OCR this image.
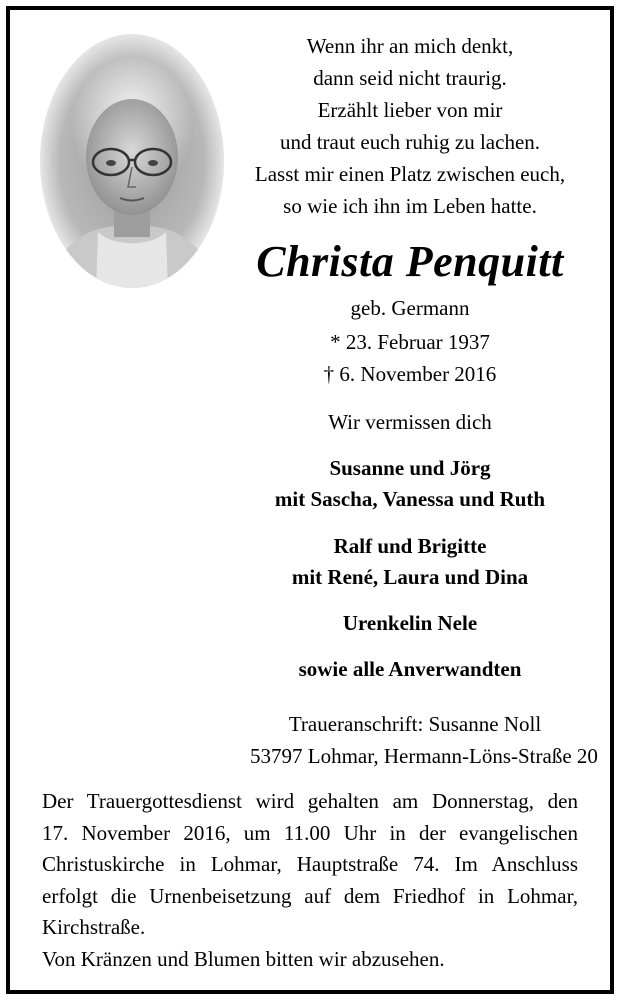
Wenn ihr an mich denkt,
dann seid nicht traurig.
Erzählt lieber von mir
und traut euch ruhig zu lachen.
Lasst mir einen Platz zwischen euch,
so wie ich ihn im Leben hatte.
Christa Penquitt
geb. Germann
* 23. Februar 1937
† 6. November 2016
Wir vermissen dich
Susanne und Jörg
mit Sascha, Vanessa und Ruth
Ralf und Brigitte
mit René, Laura und Dina
Urenkelin Nele
sowie alle Anverwandten
Traueranschrift: Susanne Noll
53797 Lohmar, Hermann-Löns-Straße 20
Der Trauergottesdienst wird gehalten am Donnerstag, den
17. November 2016, um 11.00 Uhr in der evangelischen
Christuskirche in Lohmar, Hauptstraße 74. Im Anschluss
erfolgt die Urnenbeisetzung auf dem Friedhof in Lohmar,
Kirchstraße.
Von Kränzen und Blumen bitten wir abzusehen.
